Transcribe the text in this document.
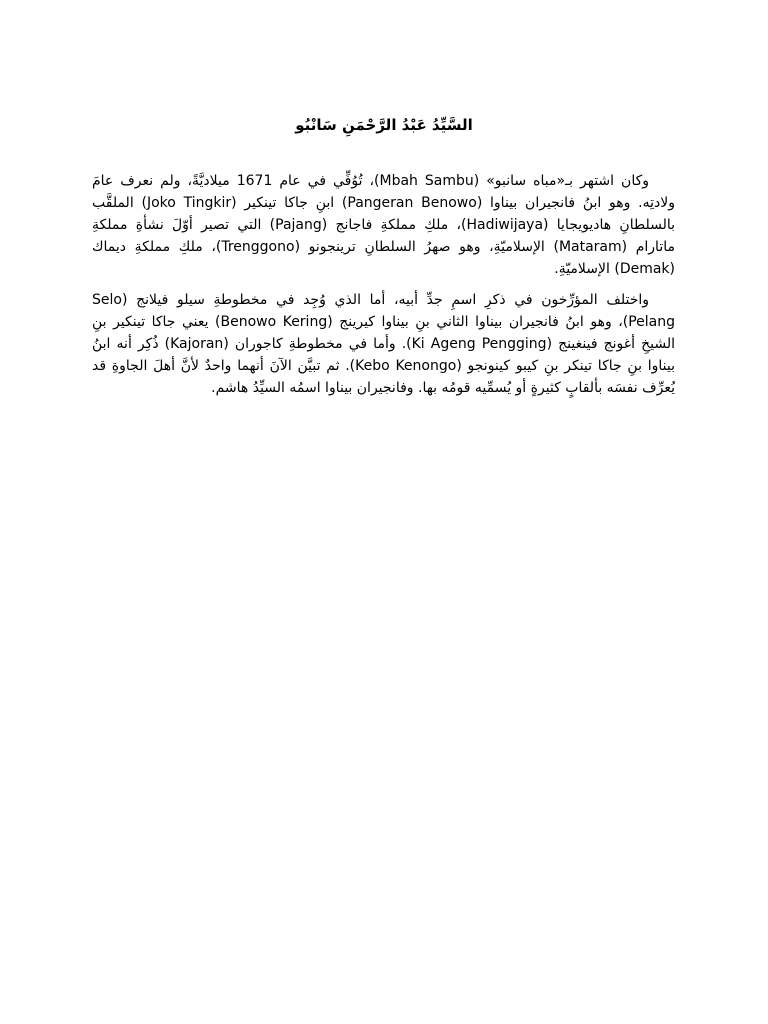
السَّيِّدُ عَبْدُ الرَّحْمَنِ سَانْبُو

وكان اشتهر بـ«مباه سانبو» (Mbah Sambu)، تُوُفِّي في عام 1671 ميلاديَّةً، ولم نعرف عامَ ولادتِه. وهو ابنُ فانجيران بيناوا (Pangeran Benowo) ابنِ جاكا تينكير (Joko Tingkir) الملقَّب بالسلطانِ هاديويجايا (Hadiwijaya)، ملكِ مملكةِ فاجانج (Pajang) التي تصير أوّلَ نشأةِ مملكةِ ماتارام (Mataram) الإسلاميّةِ، وهو صهرُ السلطانِ ترينجونو (Trenggono)، ملكِ مملكةِ ديماك (Demak) الإسلاميّةِ.

واختلف المؤرِّخون في ذكرِ اسمِ جدِّ أبيه، أما الذي وُجِد في مخطوطةِ سيلو فيلانج (Selo Pelang)، وهو ابنُ فانجيران بيناوا الثاني بنِ بيناوا كيرينج (Benowo Kering) يعني جاكا تينكير بنِ الشيخِ أغونج فينغينج (Ki Ageng Pengging). وأما في مخطوطةِ كاجوران (Kajoran) ذُكِر أنه ابنُ بيناوا بنِ جاكا تينكر بنِ كيبو كينونجو (Kebo Kenongo). ثم تبيَّن الآنَ أنهما واحدٌ لأنَّ أهلَ الجاوةِ قد يُعرِّف نفسَه بألقابٍ كثيرةٍ أو يُسمِّيه قومُه بها. وفانجيران بيناوا اسمُه السيِّدُ هاشم.
